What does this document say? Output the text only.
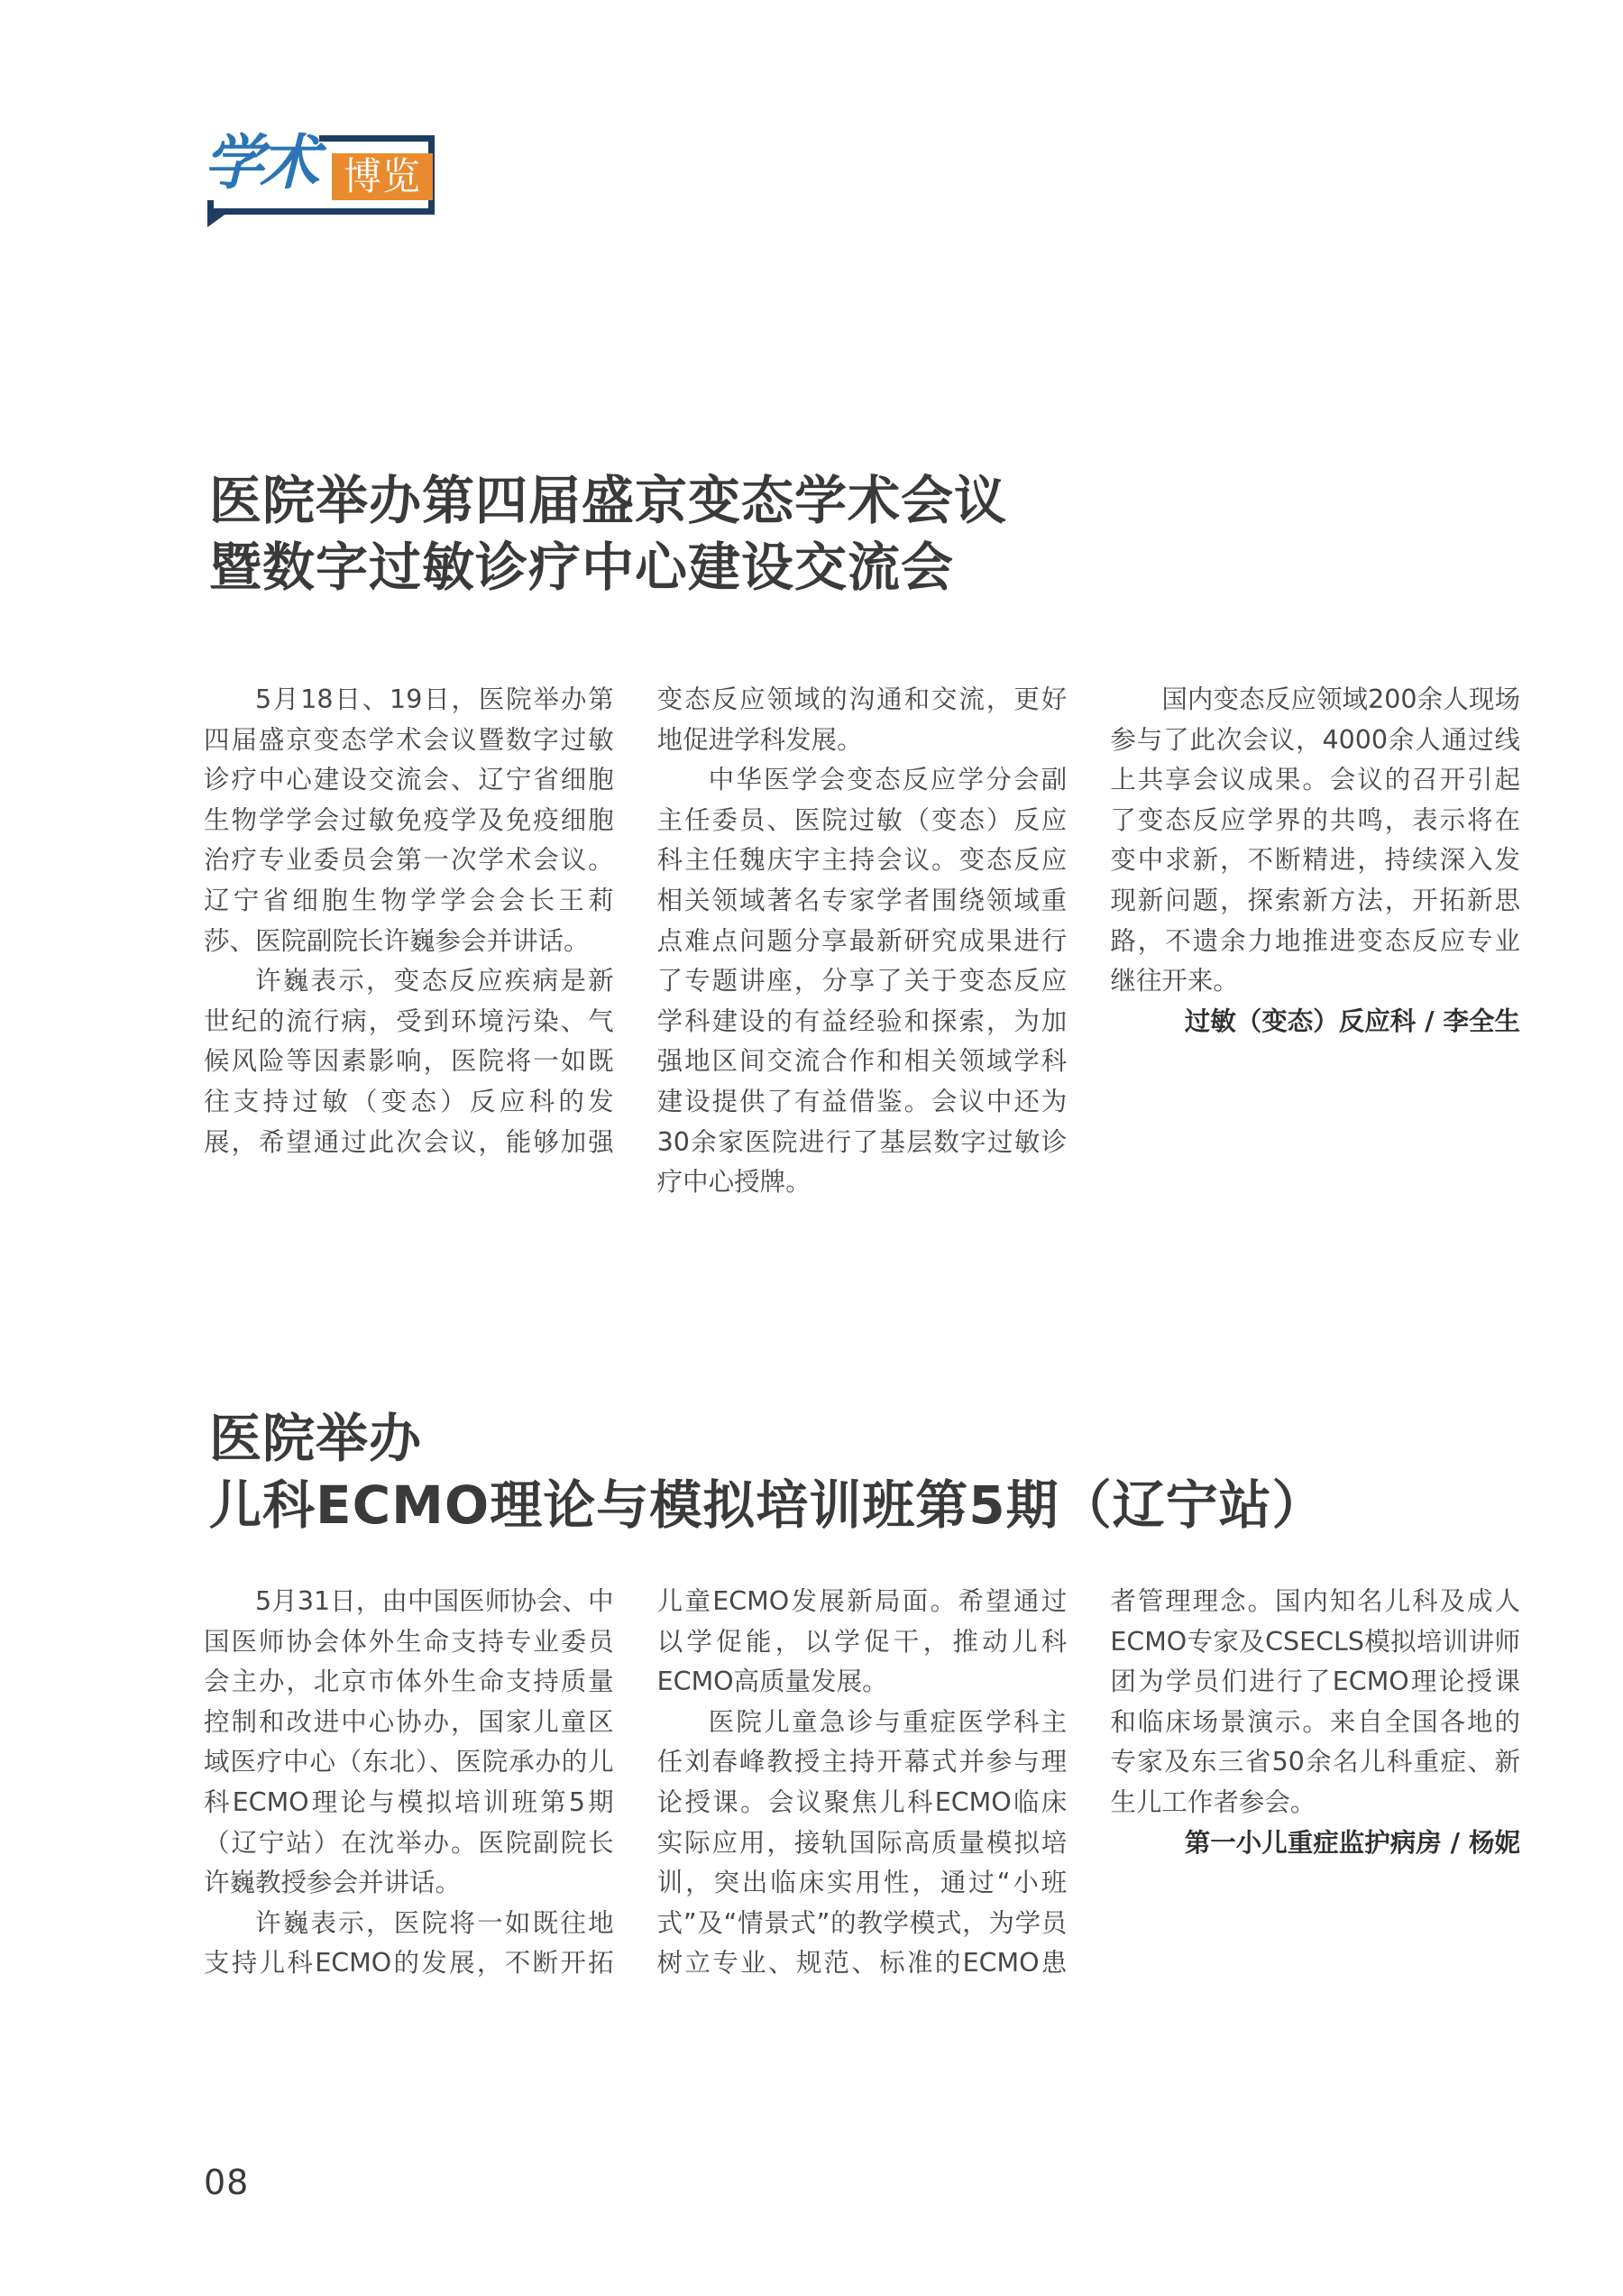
学术 博览
医院举办第四届盛京变态学术会议
暨数字过敏诊疗中心建设交流会

5月18日、19日，医院举办第四届盛京变态学术会议暨数字过敏诊疗中心建设交流会、辽宁省细胞生物学学会过敏免疫学及免疫细胞治疗专业委员会第一次学术会议。辽宁省细胞生物学学会会长王莉莎、医院副院长许巍参会并讲话。

许巍表示，变态反应疾病是新世纪的流行病，受到环境污染、气候风险等因素影响，医院将一如既往支持过敏（变态）反应科的发展，希望通过此次会议，能够加强变态反应领域的沟通和交流，更好地促进学科发展。

中华医学会变态反应学分会副主任委员、医院过敏（变态）反应科主任魏庆宇主持会议。变态反应相关领域著名专家学者围绕领域重点难点问题分享最新研究成果进行了专题讲座，分享了关于变态反应学科建设的有益经验和探索，为加强地区间交流合作和相关领域学科建设提供了有益借鉴。会议中还为30余家医院进行了基层数字过敏诊疗中心授牌。

国内变态反应领域200余人现场参与了此次会议，4000余人通过线上共享会议成果。会议的召开引起了变态反应学界的共鸣，表示将在变中求新，不断精进，持续深入发现新问题，探索新方法，开拓新思路，不遗余力地推进变态反应专业继往开来。

过敏（变态）反应科 / 李全生

医院举办
儿科ECMO理论与模拟培训班第5期（辽宁站）

5月31日，由中国医师协会、中国医师协会体外生命支持专业委员会主办，北京市体外生命支持质量控制和改进中心协办，国家儿童区域医疗中心（东北）、医院承办的儿科ECMO理论与模拟培训班第5期（辽宁站）在沈举办。医院副院长许巍教授参会并讲话。

许巍表示，医院将一如既往地支持儿科ECMO的发展，不断开拓儿童ECMO发展新局面。希望通过以学促能，以学促干，推动儿科ECMO高质量发展。

医院儿童急诊与重症医学科主任刘春峰教授主持开幕式并参与理论授课。会议聚焦儿科ECMO临床实际应用，接轨国际高质量模拟培训，突出临床实用性，通过“小班式”及“情景式”的教学模式，为学员树立专业、规范、标准的ECMO患者管理理念。国内知名儿科及成人ECMO专家及CSECLS模拟培训讲师团为学员们进行了ECMO理论授课和临床场景演示。来自全国各地的专家及东三省50余名儿科重症、新生儿工作者参会。

第一小儿重症监护病房 / 杨妮

08
